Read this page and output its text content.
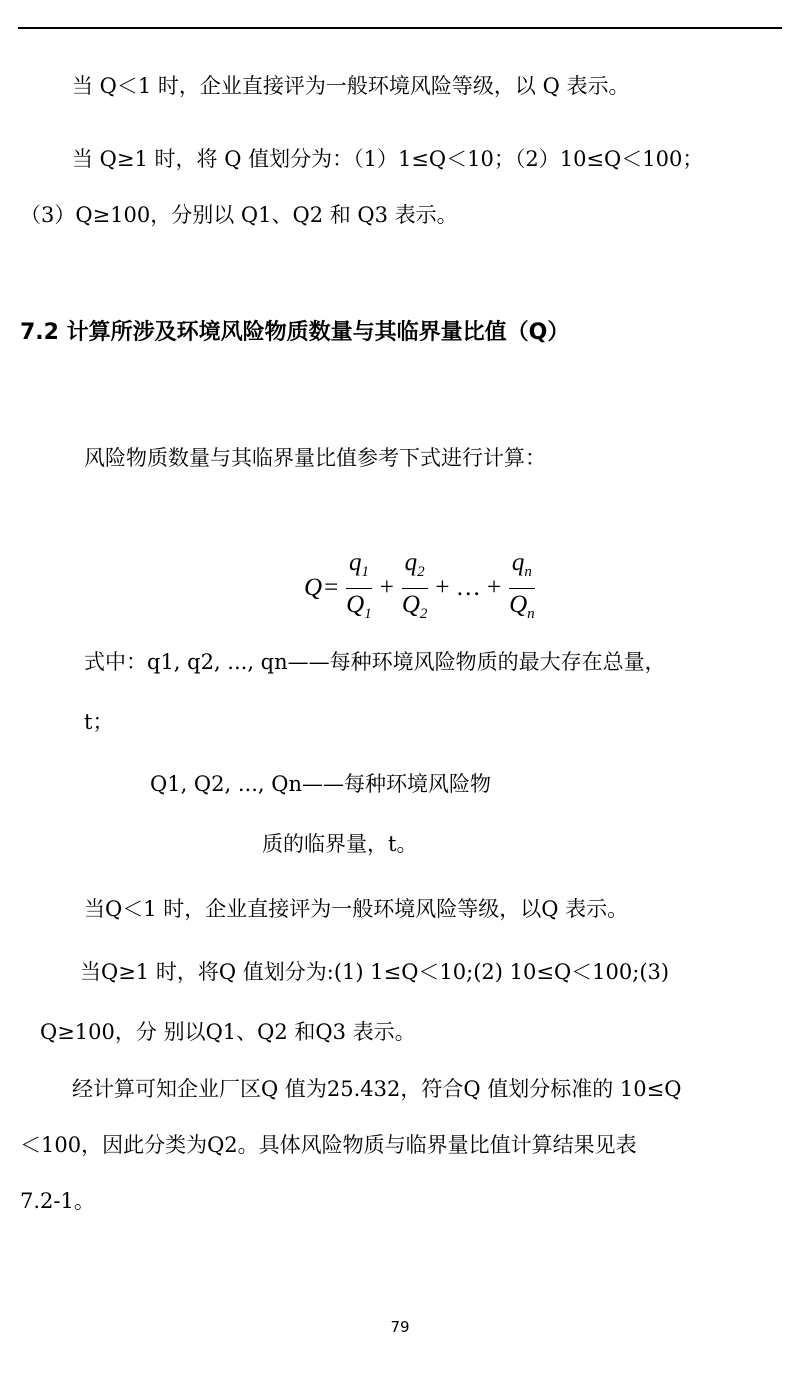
当 Q＜1 时，企业直接评为一般环境风险等级，以 Q 表示。
当 Q≥1 时，将 Q 值划分为：（1）1≤Q＜10；（2）10≤Q＜100；
（3）Q≥100，分别以 Q1、Q2 和 Q3 表示。
7.2 计算所涉及环境风险物质数量与其临界量比值（Q）
风险物质数量与其临界量比值参考下式进行计算：
$Q = \frac{q_1}{Q_1} + \frac{q_2}{Q_2}$ + … + $\frac{q_n}{Q_n}$
式中：q1, q2, ..., qn——每种环境风险物质的最大存在总量，
t；
Q1, Q2, ..., Qn——每种环境风险物
质的临界量，t。
当Q＜1 时，企业直接评为一般环境风险等级，以Q 表示。
当Q≥1 时，将Q 值划分为:(1) 1≤Q＜10;(2) 10≤Q＜100;(3)
Q≥100，分 别以Q1、Q2 和Q3 表示。
经计算可知企业厂区Q 值为25.432，符合Q 值划分标准的 10≤Q
＜100，因此分类为Q2。具体风险物质与临界量比值计算结果见表
7.2-1。
79
